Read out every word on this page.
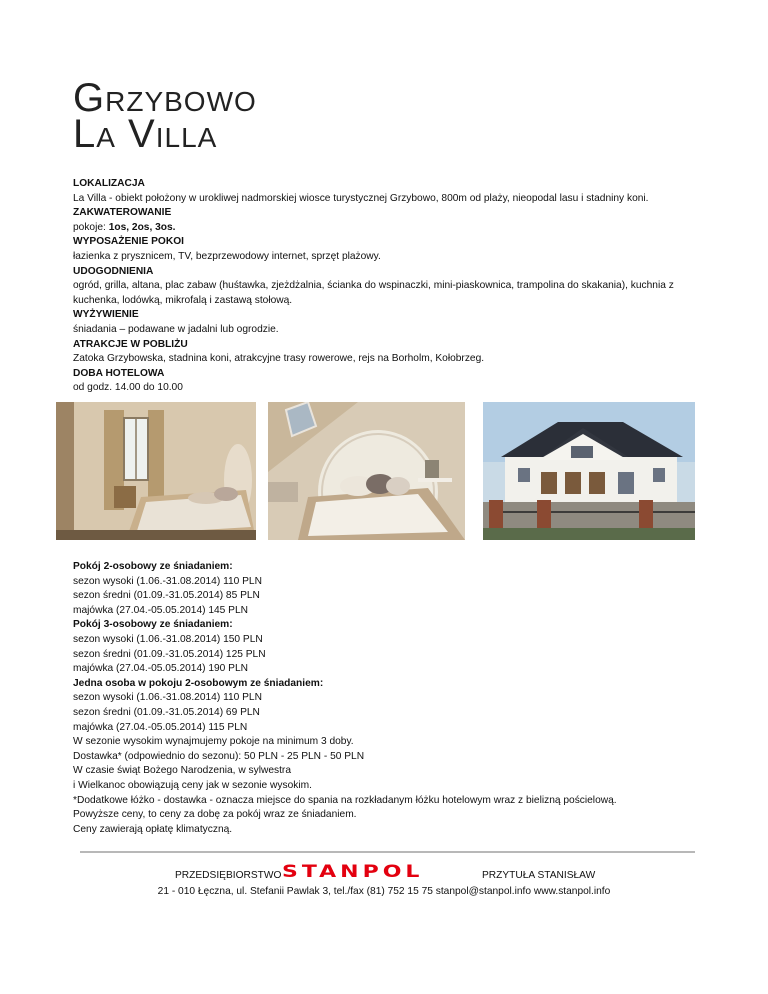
Grzybowo
La Villa

LOKALIZACJA

La Villa - obiekt położony w urokliwej nadmorskiej wiosce turystycznej Grzybowo, 800m od plaży, nieopodal lasu i stadniny koni.

ZAKWATEROWANIE

pokoje: 1os, 2os, 3os.

WYPOSAŻENIE POKOI

łazienka z prysznicem, TV, bezprzewodowy internet, sprzęt plażowy.

UDOGODNIENIA

ogród, grilla, altana, plac zabaw (huśtawka, zjeżdżalnia, ścianka do wspinaczki, mini-piaskownica, trampolina do skakania), kuchnia z kuchenka, lodówką, mikrofalą i zastawą stołową.

WYŻYWIENIE

śniadania – podawane w jadalni lub ogrodzie.

ATRAKCJE W POBLIŻU

Zatoka Grzybowska, stadnina koni, atrakcyjne trasy rowerowe, rejs na Borholm, Kołobrzeg.

DOBA HOTELOWA

od godz. 14.00 do 10.00

Pokój 2-osobowy ze śniadaniem:

sezon wysoki (1.06.-31.08.2014) 110 PLN

sezon średni (01.09.-31.05.2014) 85 PLN

majówka (27.04.-05.05.2014) 145 PLN

Pokój 3-osobowy ze śniadaniem:

sezon wysoki (1.06.-31.08.2014) 150 PLN

sezon średni (01.09.-31.05.2014) 125 PLN

majówka (27.04.-05.05.2014) 190 PLN

Jedna osoba w pokoju 2-osobowym ze śniadaniem:

sezon wysoki (1.06.-31.08.2014) 110 PLN

sezon średni (01.09.-31.05.2014) 69 PLN

majówka (27.04.-05.05.2014) 115 PLN

W sezonie wysokim wynajmujemy pokoje na minimum 3 doby.

Dostawka* (odpowiednio do sezonu): 50 PLN - 25 PLN - 50 PLN

W czasie świąt Bożego Narodzenia, w sylwestra

i Wielkanoc obowiązują ceny jak w sezonie wysokim.

*Dodatkowe łóżko - dostawka - oznacza miejsce do spania na rozkładanym łóżku hotelowym wraz z bielizną pościelową.

Powyższe ceny, to ceny za dobę za pokój wraz ze śniadaniem.

Ceny zawierają opłatę klimatyczną.

PRZEDSIĘBIORSTWO STANPOL	PRZYTUŁA STANISŁAW
21 - 010 Łęczna, ul. Stefanii Pawlak 3, tel./fax (81) 752 15 75 stanpol@stanpol.info www.stanpol.info
